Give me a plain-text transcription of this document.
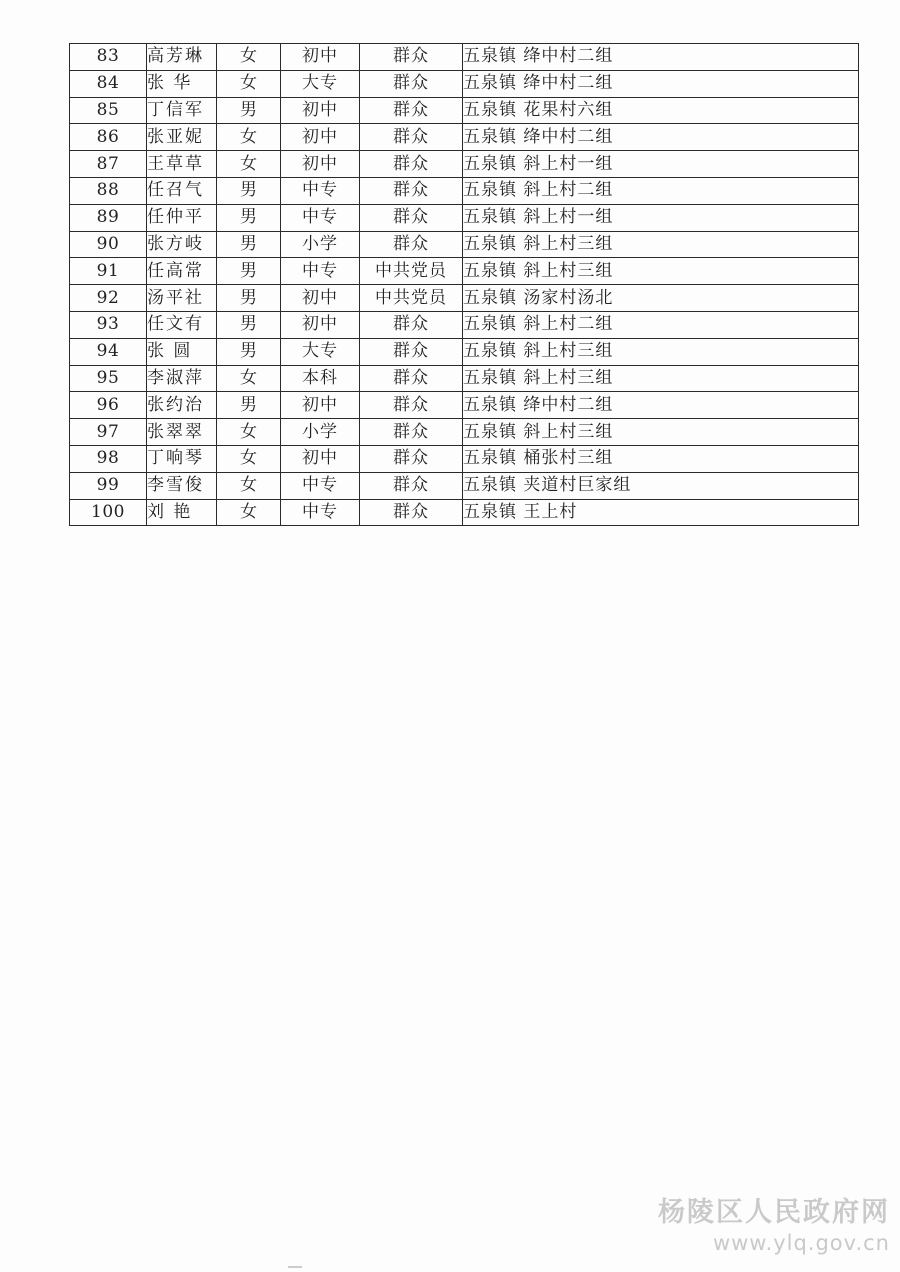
83	高芳琳	女	初中	群众	五泉镇 绛中村二组
84	张 华	女	大专	群众	五泉镇 绛中村二组
85	丁信军	男	初中	群众	五泉镇 花果村六组
86	张亚妮	女	初中	群众	五泉镇 绛中村二组
87	王草草	女	初中	群众	五泉镇 斜上村一组
88	任召气	男	中专	群众	五泉镇 斜上村二组
89	任仲平	男	中专	群众	五泉镇 斜上村一组
90	张方岐	男	小学	群众	五泉镇 斜上村三组
91	任高常	男	中专	中共党员	五泉镇 斜上村三组
92	汤平社	男	初中	中共党员	五泉镇 汤家村汤北
93	任文有	男	初中	群众	五泉镇 斜上村二组
94	张 圆	男	大专	群众	五泉镇 斜上村三组
95	李淑萍	女	本科	群众	五泉镇 斜上村三组
96	张约治	男	初中	群众	五泉镇 绛中村二组
97	张翠翠	女	小学	群众	五泉镇 斜上村三组
98	丁响琴	女	初中	群众	五泉镇 桶张村三组
99	李雪俊	女	中专	群众	五泉镇 夹道村巨家组
100	刘 艳	女	中专	群众	五泉镇 王上村
杨陵区人民政府网
www.ylq.gov.cn
